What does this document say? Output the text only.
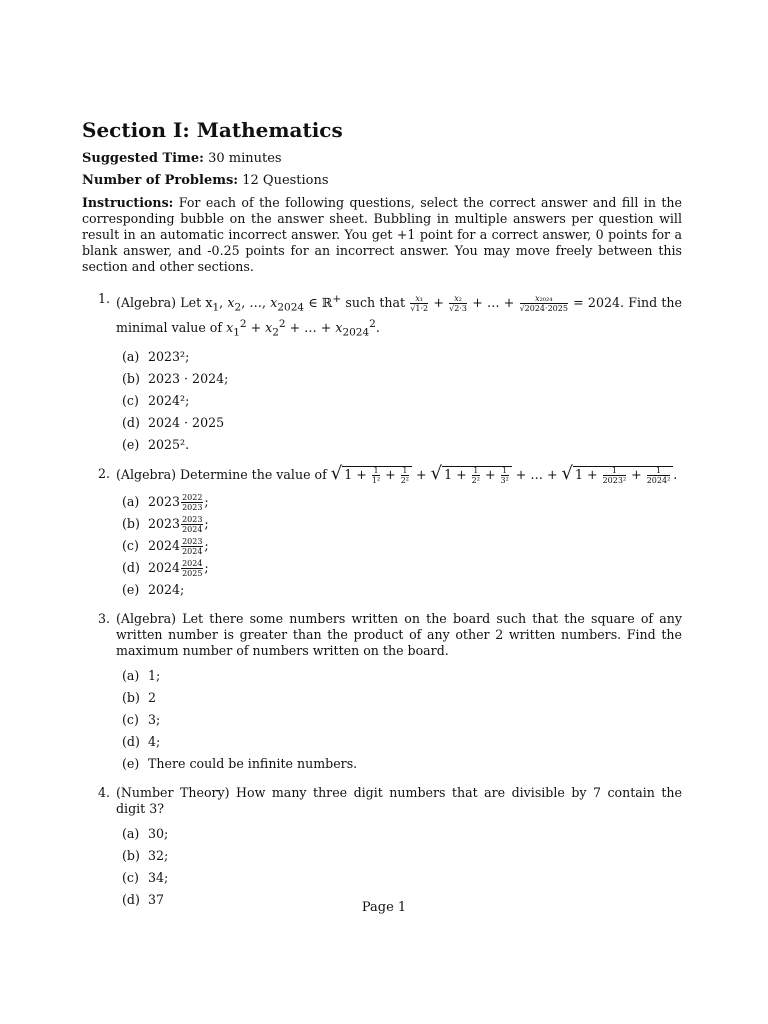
Section I: Mathematics

Suggested Time: 30 minutes

Number of Problems: 12 Questions

Instructions: For each of the following questions, select the correct answer and fill in the corresponding bubble on the answer sheet. Bubbling in multiple answers per question will result in an automatic incorrect answer. You get +1 point for a correct answer, 0 points for a blank answer, and -0.25 points for an incorrect answer. You may move freely between this section and other sections.

1. (Algebra) Let $x_1$, $x_2$, …, $x_{2024}$ ∈ ℝ+ such that $\frac{\text{x₁}}{√1\cdot 2} + \frac{\text{x₂}}{√2\cdot 3}$ + … + $\frac{\text{x₂₀₂₄}}{√2024\cdot 2025} = 2024$. Find the minimal value of $x_1^2 + x_2^2$ + … + $x_{2024}^2$.
(a) 2023²;
(b) 2023 · 2024;
(c) 2024²;
(d) 2024 · 2025
(e) 2025².
2. (Algebra) Determine the value of √ $1 + \frac{1}{\text{1²}} + \frac{1}{\text{2²}}$ + √ $1 + \frac{1}{\text{2²}} + \frac{1}{\text{3²}}$ + … + √ $1 + \frac{1}{\text{2023²}} + \frac{1}{\text{2024²}}$ .
(a) $2023 \frac{2022}{2023}$ ;
(b) $2023 \frac{2023}{2024}$ ;
(c) $2024 \frac{2023}{2024}$ ;
(d) $2024 \frac{2024}{2025}$ ;
(e) 2024;
3. (Algebra) Let there some numbers written on the board such that the square of any written number is greater than the product of any other 2 written numbers. Find the maximum number of numbers written on the board.
(a) 1;
(b) 2
(c) 3;
(d) 4;
(e) There could be infinite numbers.
4. (Number Theory) How many three digit numbers that are divisible by 7 contain the digit 3?
(a) 30;
(b) 32;
(c) 34;
(d) 37
Page 1
